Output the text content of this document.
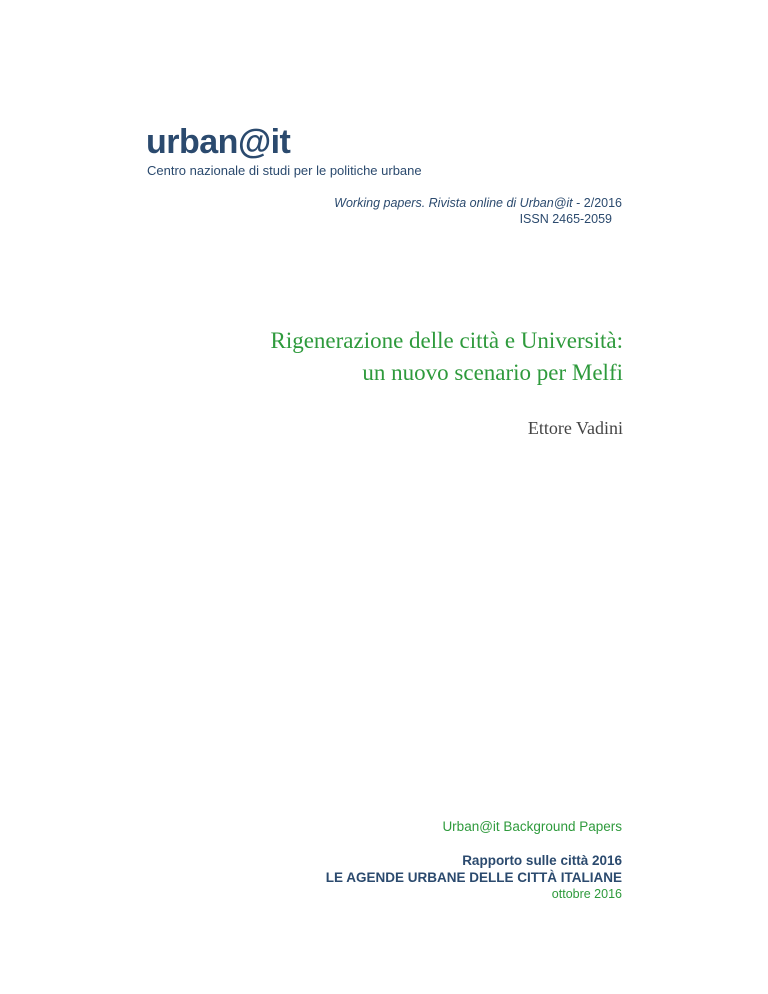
urban@it
Centro nazionale di studi per le politiche urbane
Working papers. Rivista online di Urban@it - 2/2016
ISSN 2465-2059
Rigenerazione delle città e Università:
un nuovo scenario per Melfi
Ettore Vadini
Urban@it Background Papers
Rapporto sulle città 2016
LE AGENDE URBANE DELLE CITTÀ ITALIANE
ottobre 2016
